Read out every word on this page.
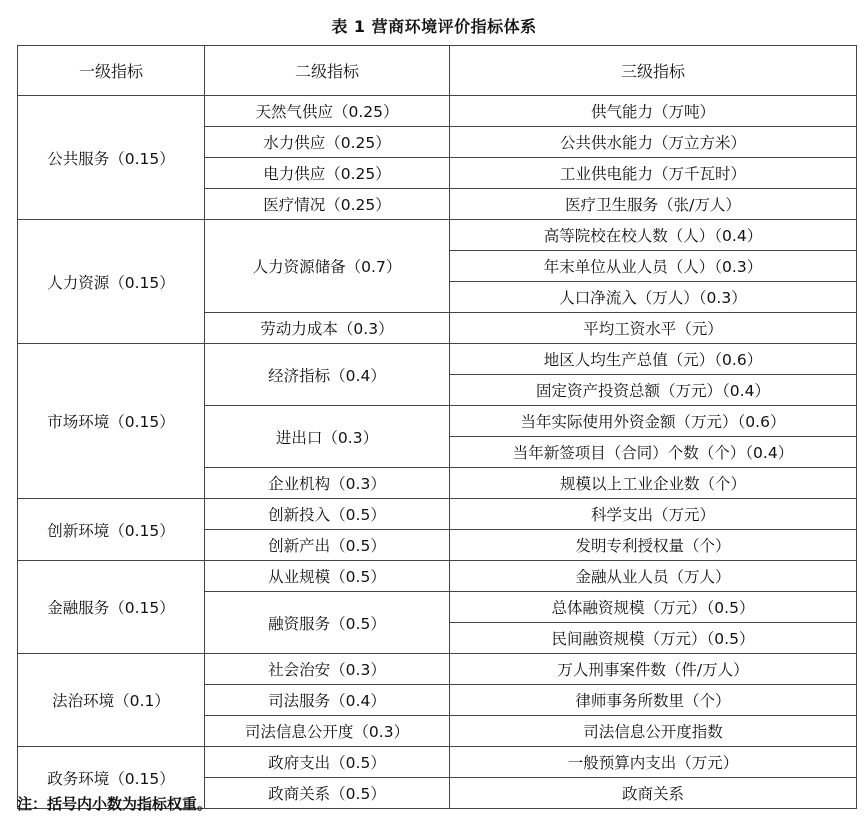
表 1 营商环境评价指标体系
一级指标	二级指标	三级指标
公共服务（0.15）	天然气供应（0.25）	供气能力（万吨）
	水力供应（0.25）	公共供水能力（万立方米）
	电力供应（0.25）	工业供电能力（万千瓦时）
	医疗情况（0.25）	医疗卫生服务（张/万人）
人力资源（0.15）	人力资源储备（0.7）	高等院校在校人数（人）（0.4）
		年末单位从业人员（人）（0.3）
		人口净流入（万人）（0.3）
	劳动力成本（0.3）	平均工资水平（元）
市场环境（0.15）	经济指标（0.4）	地区人均生产总值（元）（0.6）
		固定资产投资总额（万元）（0.4）
	进出口（0.3）	当年实际使用外资金额（万元）（0.6）
		当年新签项目（合同）个数（个）（0.4）
	企业机构（0.3）	规模以上工业企业数（个）
创新环境（0.15）	创新投入（0.5）	科学支出（万元）
	创新产出（0.5）	发明专利授权量（个）
金融服务（0.15）	从业规模（0.5）	金融从业人员（万人）
	融资服务（0.5）	总体融资规模（万元）（0.5）
		民间融资规模（万元）（0.5）
法治环境（0.1）	社会治安（0.3）	万人刑事案件数（件/万人）
	司法服务（0.4）	律师事务所数里（个）
	司法信息公开度（0.3）	司法信息公开度指数
政务环境（0.15）	政府支出（0.5）	一般预算内支出（万元）
	政商关系（0.5）	政商关系
注：括号内小数为指标权重。
